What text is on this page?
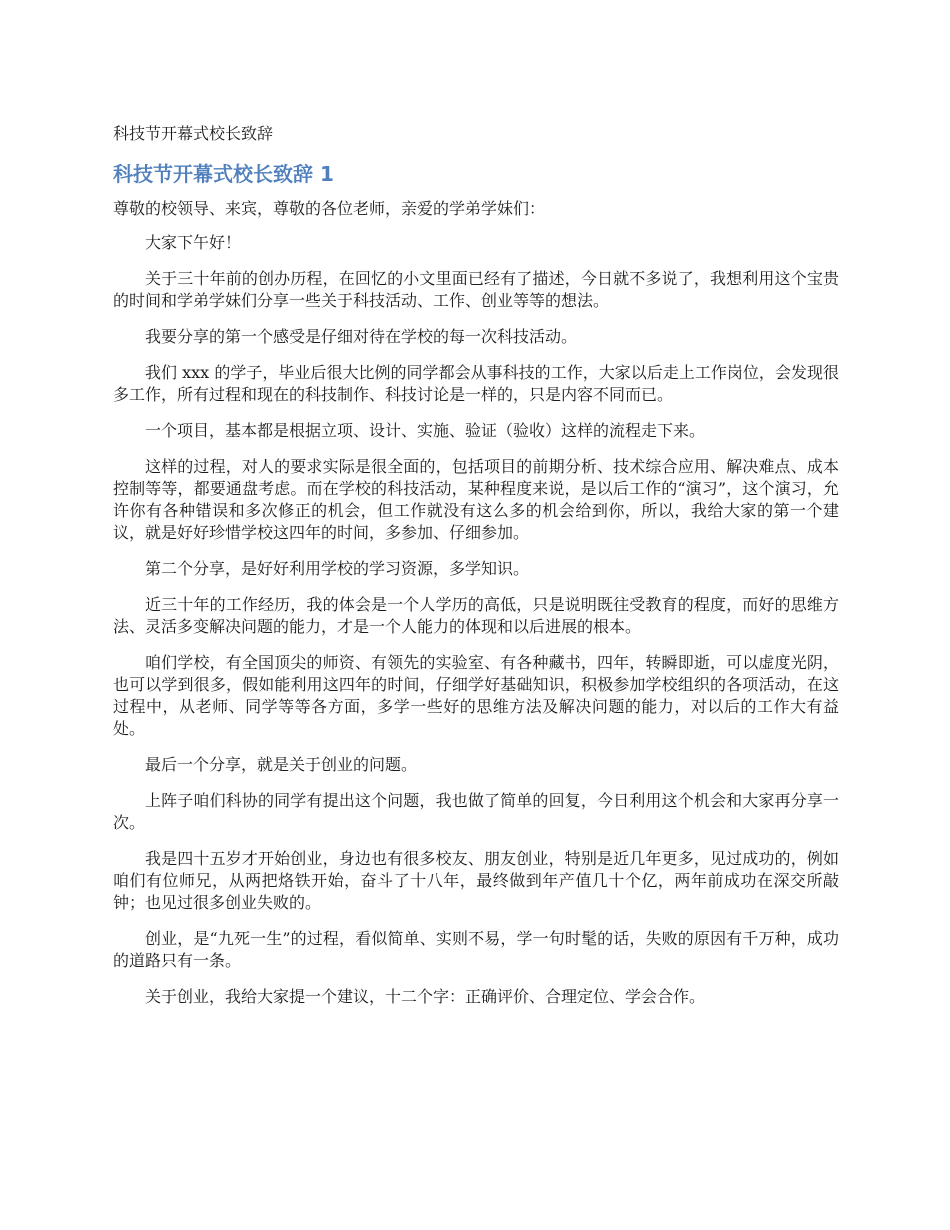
科技节开幕式校长致辞
科技节开幕式校长致辞 1
尊敬的校领导、来宾，尊敬的各位老师，亲爱的学弟学妹们：
大家下午好！
关于三十年前的创办历程，在回忆的小文里面已经有了描述，今日就不多说了，我想利用这个宝贵的时间和学弟学妹们分享一些关于科技活动、工作、创业等等的想法。
我要分享的第一个感受是仔细对待在学校的每一次科技活动。
我们 xxx 的学子，毕业后很大比例的同学都会从事科技的工作，大家以后走上工作岗位，会发现很多工作，所有过程和现在的科技制作、科技讨论是一样的，只是内容不同而已。
一个项目，基本都是根据立项、设计、实施、验证（验收）这样的流程走下来。
这样的过程，对人的要求实际是很全面的，包括项目的前期分析、技术综合应用、解决难点、成本控制等等，都要通盘考虑。而在学校的科技活动，某种程度来说，是以后工作的“演习”，这个演习，允许你有各种错误和多次修正的机会，但工作就没有这么多的机会给到你，所以，我给大家的第一个建议，就是好好珍惜学校这四年的时间，多参加、仔细参加。
第二个分享，是好好利用学校的学习资源，多学知识。
近三十年的工作经历，我的体会是一个人学历的高低，只是说明既往受教育的程度，而好的思维方法、灵活多变解决问题的能力，才是一个人能力的体现和以后进展的根本。
咱们学校，有全国顶尖的师资、有领先的实验室、有各种藏书，四年，转瞬即逝，可以虚度光阴，也可以学到很多，假如能利用这四年的时间，仔细学好基础知识，积极参加学校组织的各项活动，在这过程中，从老师、同学等等各方面，多学一些好的思维方法及解决问题的能力，对以后的工作大有益处。
最后一个分享，就是关于创业的问题。
上阵子咱们科协的同学有提出这个问题，我也做了简单的回复，今日利用这个机会和大家再分享一次。
我是四十五岁才开始创业，身边也有很多校友、朋友创业，特别是近几年更多，见过成功的，例如咱们有位师兄，从两把烙铁开始，奋斗了十八年，最终做到年产值几十个亿，两年前成功在深交所敲钟；也见过很多创业失败的。
创业，是“九死一生”的过程，看似简单、实则不易，学一句时髦的话，失败的原因有千万种，成功的道路只有一条。
关于创业，我给大家提一个建议，十二个字：正确评价、合理定位、学会合作。
